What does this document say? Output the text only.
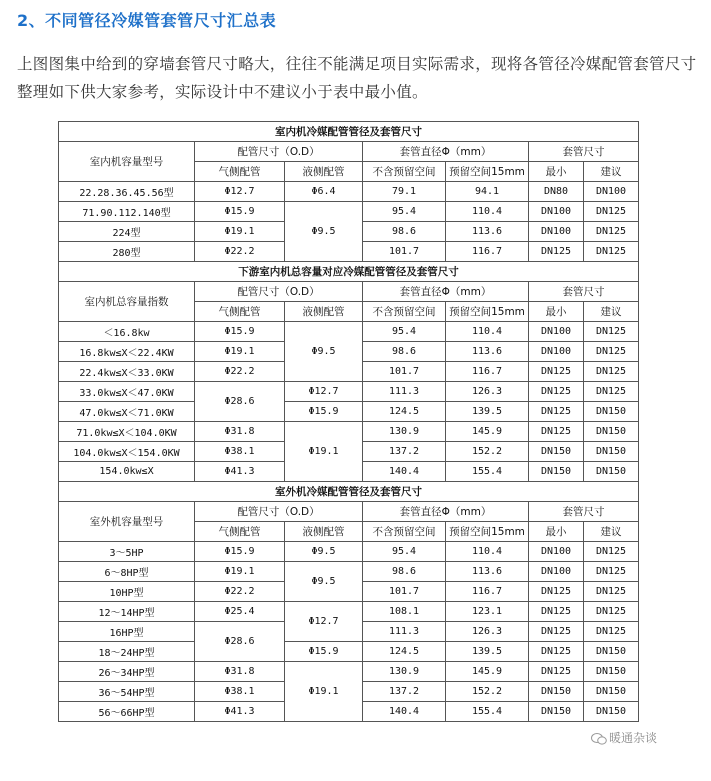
2、不同管径冷媒管套管尺寸汇总表
上图图集中给到的穿墙套管尺寸略大，往往不能满足项目实际需求，现将各管径冷媒配管套管尺寸整理如下供大家参考，实际设计中不建议小于表中最小值。
室内机冷媒配管管径及套管尺寸						
室内机容量型号	配管尺寸（O.D）		套管直径Φ（mm）		套管尺寸	
	气侧配管	液侧配管	不含预留空间	预留空间15mm	最小	建议
22.28.36.45.56型	Φ12.7	Φ6.4	79.1	94.1	DN80	DN100
71.90.112.140型	Φ15.9	Φ9.5	95.4	110.4	DN100	DN125
224型	Φ19.1		98.6	113.6	DN100	DN125
280型	Φ22.2		101.7	116.7	DN125	DN125
下游室内机总容量对应冷媒配管管径及套管尺寸						
室内机总容量指数	配管尺寸（O.D）		套管直径Φ（mm）		套管尺寸	
	气侧配管	液侧配管	不含预留空间	预留空间15mm	最小	建议
＜16.8kw	Φ15.9	Φ9.5	95.4	110.4	DN100	DN125
16.8kw≤X＜22.4KW	Φ19.1		98.6	113.6	DN100	DN125
22.4kw≤X＜33.0KW	Φ22.2		101.7	116.7	DN125	DN125
33.0kw≤X＜47.0KW	Φ28.6	Φ12.7	111.3	126.3	DN125	DN125
47.0kw≤X＜71.0KW		Φ15.9	124.5	139.5	DN125	DN150
71.0kw≤X＜104.0KW	Φ31.8	Φ19.1	130.9	145.9	DN125	DN150
104.0kw≤X＜154.0KW	Φ38.1		137.2	152.2	DN150	DN150
154.0kw≤X	Φ41.3		140.4	155.4	DN150	DN150
室外机冷媒配管管径及套管尺寸						
室外机容量型号	配管尺寸（O.D）		套管直径Φ（mm）		套管尺寸	
	气侧配管	液侧配管	不含预留空间	预留空间15mm	最小	建议
3～5HP	Φ15.9	Φ9.5	95.4	110.4	DN100	DN125
6～8HP型	Φ19.1	Φ9.5	98.6	113.6	DN100	DN125
10HP型	Φ22.2		101.7	116.7	DN125	DN125
12～14HP型	Φ25.4	Φ12.7	108.1	123.1	DN125	DN125
16HP型	Φ28.6		111.3	126.3	DN125	DN125
18～24HP型		Φ15.9	124.5	139.5	DN125	DN150
26～34HP型	Φ31.8	Φ19.1	130.9	145.9	DN125	DN150
36～54HP型	Φ38.1		137.2	152.2	DN150	DN150
56～66HP型	Φ41.3		140.4	155.4	DN150	DN150
暖通杂谈
